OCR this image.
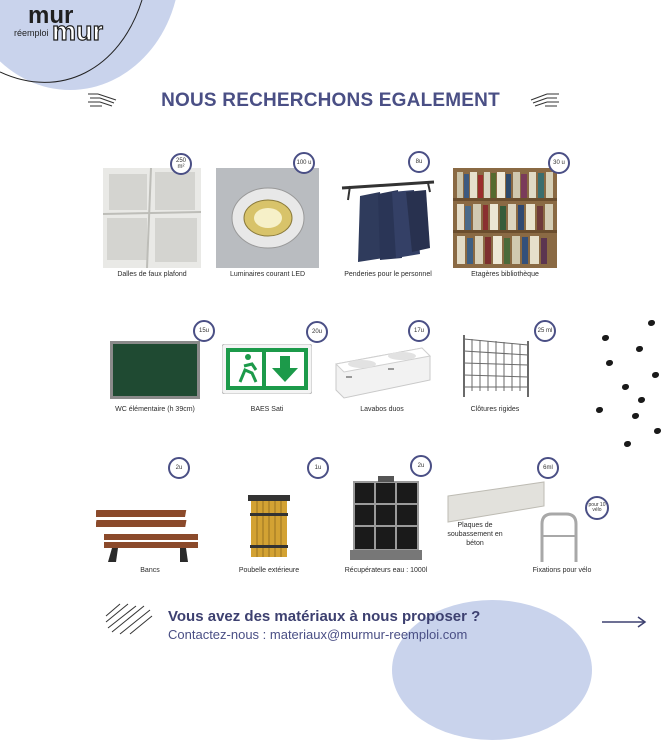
mur
réemploi mur
NOUS RECHERCHONS EGALEMENT
Dalles de faux plafond
250 m²
Luminaires courant LED
100 u
Penderies pour le personnel
8u
Etagères bibliothèque
30 u
WC élémentaire (h 39cm)
15u
BAES Sati
20u
Lavabos duos
17u
Clôtures rigides
25 ml
Bancs
2u
Poubelle extérieure
1u
Récupérateurs eau : 1000l
2u
Plaques de soubassement en béton
6ml
Fixations pour vélo
pour 10 vélo
Vous avez des matériaux à nous proposer ?
Contactez-nous : materiaux@murmur-reemploi.com
